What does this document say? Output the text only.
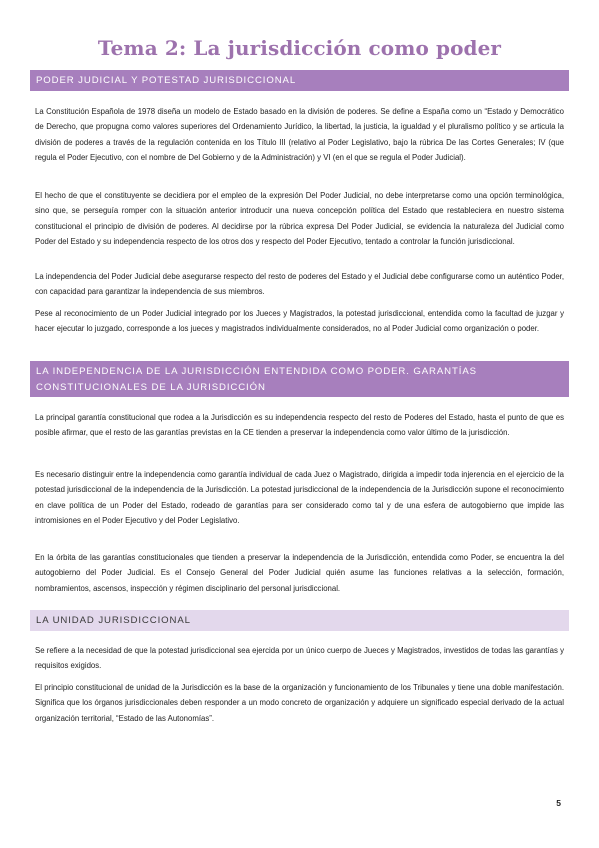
Tema 2: La jurisdicción como poder
PODER JUDICIAL Y POTESTAD JURISDICCIONAL

La Constitución Española de 1978 diseña un modelo de Estado basado en la división de poderes. Se define a España como un “Estado y Democrático de Derecho, que propugna como valores superiores del Ordenamiento Jurídico, la libertad, la justicia, la igualdad y el pluralismo político y se articula la división de poderes a través de la regulación contenida en los Título III (relativo al Poder Legislativo, bajo la rúbrica De las Cortes Generales; IV (que regula el Poder Ejecutivo, con el nombre de Del Gobierno y de la Administración) y VI (en el que se regula el Poder Judicial).

El hecho de que el constituyente se decidiera por el empleo de la expresión Del Poder Judicial, no debe interpretarse como una opción terminológica, sino que, se perseguía romper con la situación anterior introducir una nueva concepción política del Estado que restableciera en nuestro sistema constitucional el principio de división de poderes. Al decidirse por la rúbrica expresa Del Poder Judicial, se evidencia la naturaleza del Judicial como Poder del Estado y su independencia respecto de los otros dos y respecto del Poder Ejecutivo, tentado a controlar la función jurisdiccional.

La independencia del Poder Judicial debe asegurarse respecto del resto de poderes del Estado y el Judicial debe configurarse como un auténtico Poder, con capacidad para garantizar la independencia de sus miembros.

Pese al reconocimiento de un Poder Judicial integrado por los Jueces y Magistrados, la potestad jurisdiccional, entendida como la facultad de juzgar y hacer ejecutar lo juzgado, corresponde a los jueces y magistrados individualmente considerados, no al Poder Judicial como organización o poder.

LA INDEPENDENCIA DE LA JURISDICCIÓN ENTENDIDA COMO PODER. GARANTÍAS CONSTITUCIONALES DE LA JURISDICCIÓN

La principal garantía constitucional que rodea a la Jurisdicción es su independencia respecto del resto de Poderes del Estado, hasta el punto de que es posible afirmar, que el resto de las garantías previstas en la CE tienden a preservar la independencia como valor último de la jurisdicción.

Es necesario distinguir entre la independencia como garantía individual de cada Juez o Magistrado, dirigida a impedir toda injerencia en el ejercicio de la potestad jurisdiccional de la independencia de la Jurisdicción. La potestad jurisdiccional de la independencia de la Jurisdicción supone el reconocimiento en clave política de un Poder del Estado, rodeado de garantías para ser considerado como tal y de una esfera de autogobierno que impide las intromisiones en el Poder Ejecutivo y del Poder Legislativo.

En la órbita de las garantías constitucionales que tienden a preservar la independencia de la Jurisdicción, entendida como Poder, se encuentra la del autogobierno del Poder Judicial. Es el Consejo General del Poder Judicial quién asume las funciones relativas a la selección, formación, nombramientos, ascensos, inspección y régimen disciplinario del personal jurisdiccional.

LA UNIDAD JURISDICCIONAL

Se refiere a la necesidad de que la potestad jurisdiccional sea ejercida por un único cuerpo de Jueces y Magistrados, investidos de todas las garantías y requisitos exigidos.

El principio constitucional de unidad de la Jurisdicción es la base de la organización y funcionamiento de los Tribunales y tiene una doble manifestación. Significa que los órganos jurisdiccionales deben responder a un modo concreto de organización y adquiere un significado especial derivado de la actual organización territorial, “Estado de las Autonomías”.

5
